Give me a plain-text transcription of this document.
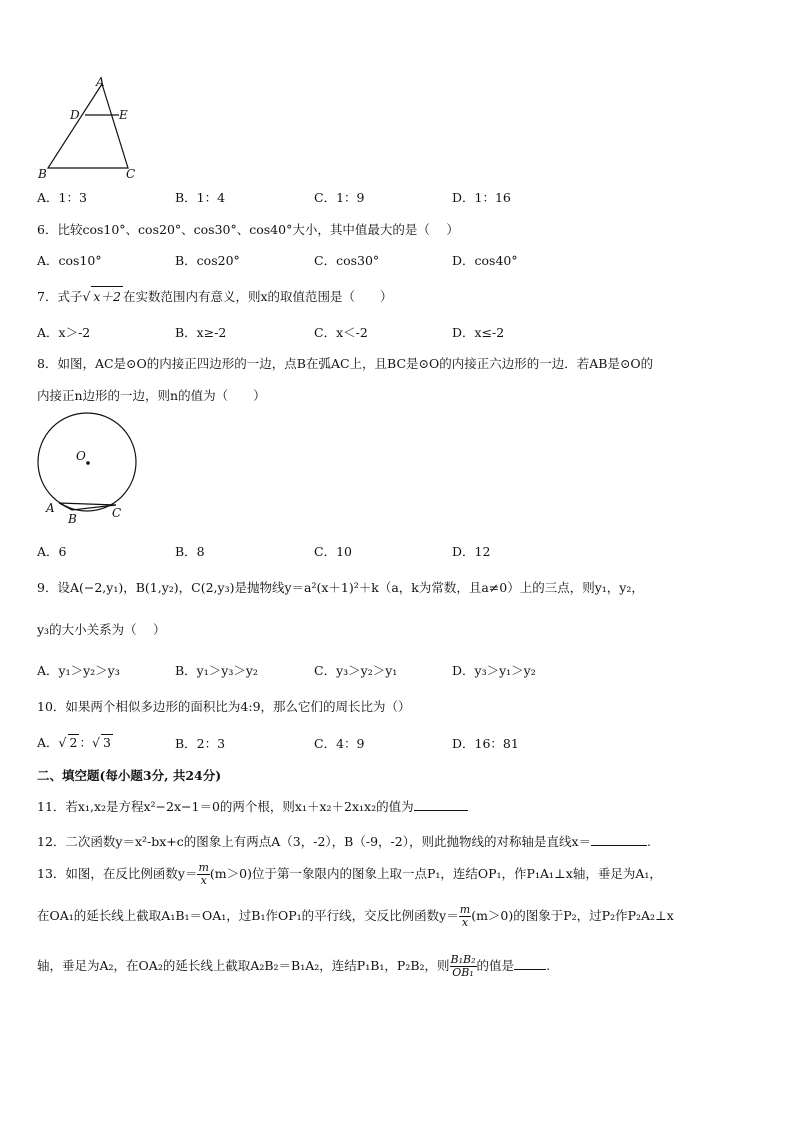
A
D	E
B	C
A．1：3	B．1：4	C．1：9	D．1：16
6．比较cos10°、cos20°、cos30°、cos40°大小，其中值最大的是（　 ）
A．cos10°	B．cos20°	C．cos30°	D．cos40°
7．式子√ x＋2 在实数范围内有意义，则x的取值范围是（　　）
A．x＞-2	B．x≥-2	C．x＜-2	D．x≤-2
8．如图，AC是⊙O的内接正四边形的一边，点B在弧AC上，且BC是⊙O的内接正六边形的一边．若AB是⊙O的
内接正n边形的一边，则n的值为（　　）
O
A
B	C
A．6	B．8	C．10	D．12
9．设A(−2,y₁)，B(1,y₂)，C(2,y₃)是抛物线y＝a²(x＋1)²＋k（a，k为常数，且a≠0）上的三点，则y₁，y₂，
y₃的大小关系为（　 ）
A．y₁＞y₂＞y₃	B．y₁＞y₃＞y₂	C．y₃＞y₂＞y₁	D．y₃＞y₁＞y₂
10．如果两个相似多边形的面积比为4:9，那么它们的周长比为（）
A．√ 2 ：√ 3	B．2：3	C．4：9	D．16：81
二、填空题(每小题3分, 共24分)
11．若x₁,x₂是方程x²−2x−1＝0的两个根，则x₁＋x₂＋2x₁x₂的值为
12．二次函数y＝x²-bx+c的图象上有两点A（3，-2），B（-9，-2），则此抛物线的对称轴是直线x＝	.
13．如图，在反比例函数$y= \frac{m}{x} (m>0)$位于第一象限内的图象上取一点P₁，连结OP₁，作P₁A₁⊥x轴，垂足为A₁，
在OA₁的延长线上截取A₁B₁＝OA₁，过B₁作OP₁的平行线，交反比例函数$y= \frac{m}{x} (m>0)$的图象于P₂，过P₂作P₂A₂⊥x
轴，垂足为A₂，在OA₂的延长线上截取A₂B₂＝B₁A₂，连结P₁B₁，P₂B₂，则 $\frac{\text{B₁B₂}}{\text{OB₁}}$ 的值是	.
